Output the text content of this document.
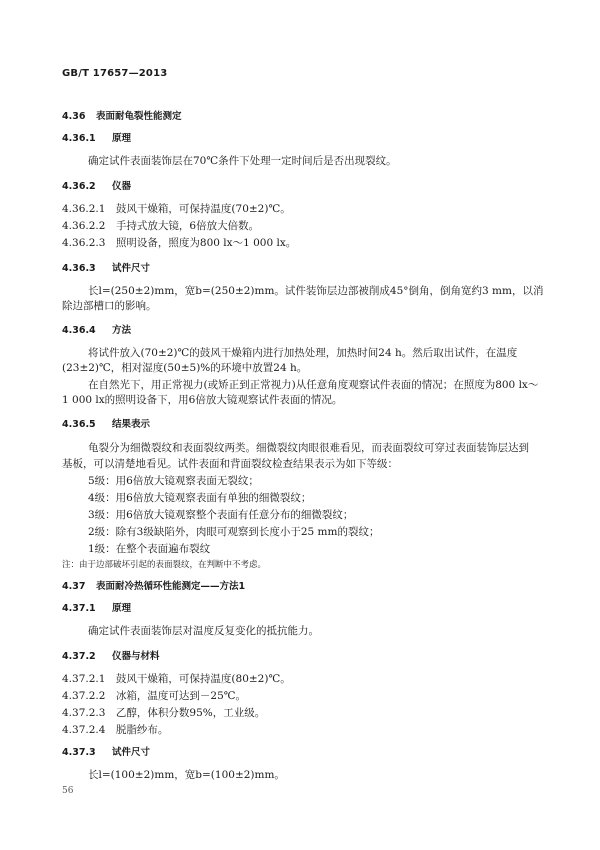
GB/T 17657—2013
4.36 表面耐龟裂性能测定
4.36.1 原理
确定试件表面装饰层在70℃条件下处理一定时间后是否出现裂纹。
4.36.2 仪器
4.36.2.1　鼓风干燥箱，可保持温度(70±2)℃。
4.36.2.2　手持式放大镜，6倍放大倍数。
4.36.2.3　照明设备，照度为800 lx～1 000 lx。
4.36.3 试件尺寸
长l=(250±2)mm，宽b=(250±2)mm。试件装饰层边部被削成45°倒角，倒角宽约3 mm，以消
除边部槽口的影响。
4.36.4 方法
将试件放入(70±2)℃的鼓风干燥箱内进行加热处理，加热时间24 h。然后取出试件，在温度
(23±2)℃，相对湿度(50±5)%的环境中放置24 h。
在自然光下，用正常视力(或矫正到正常视力)从任意角度观察试件表面的情况；在照度为800 lx～
1 000 lx的照明设备下，用6倍放大镜观察试件表面的情况。
4.36.5 结果表示
龟裂分为细微裂纹和表面裂纹两类。细微裂纹肉眼很难看见，而表面裂纹可穿过表面装饰层达到
基板，可以清楚地看见。试件表面和背面裂纹检查结果表示为如下等级：
5级：用6倍放大镜观察表面无裂纹；
4级：用6倍放大镜观察表面有单独的细微裂纹；
3级：用6倍放大镜观察整个表面有任意分布的细微裂纹；
2级：除有3级缺陷外，肉眼可观察到长度小于25 mm的裂纹；
1级：在整个表面遍布裂纹
注：由于边部破坏引起的表面裂纹，在判断中不考虑。
4.37 表面耐冷热循环性能测定——方法1
4.37.1 原理
确定试件表面装饰层对温度反复变化的抵抗能力。
4.37.2 仪器与材料
4.37.2.1　鼓风干燥箱，可保持温度(80±2)℃。
4.37.2.2　冰箱，温度可达到－25℃。
4.37.2.3　乙醇，体积分数95%，工业级。
4.37.2.4　脱脂纱布。
4.37.3 试件尺寸
长l=(100±2)mm，宽b=(100±2)mm。
56
